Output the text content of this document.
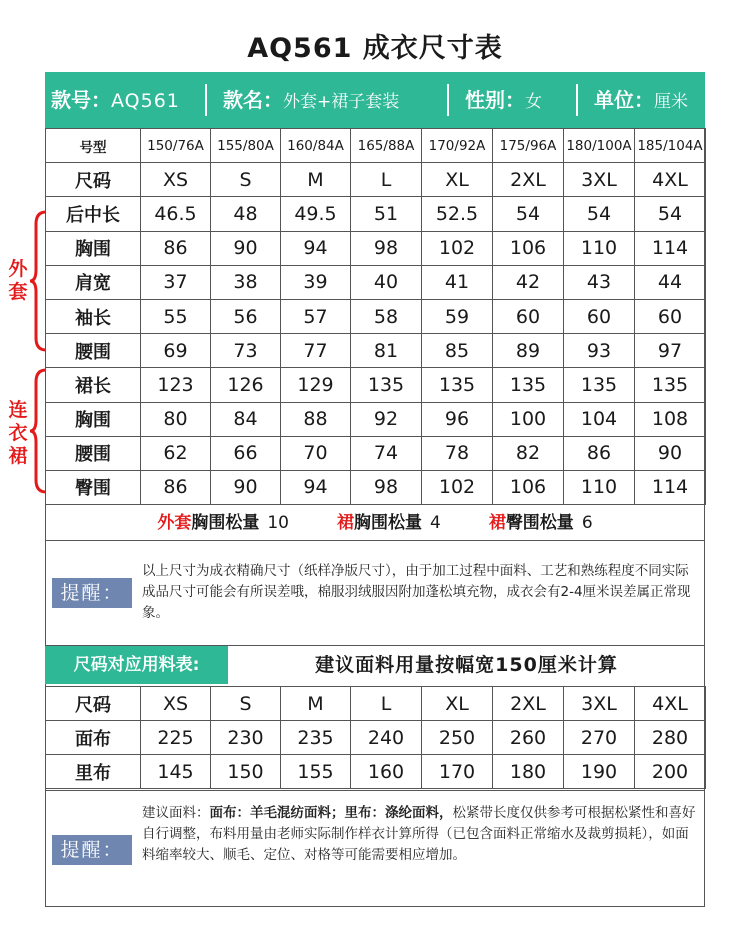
AQ561 成衣尺寸表
款号：AQ561 款名：外套+裙子套装	性别：女	单位：厘米
号型	150/76A	155/80A	160/84A	165/88A	170/92A	175/96A	180/100A	185/104A
尺码	XS	S	M	L	XL	2XL	3XL	4XL
后中长	46.5	48	49.5	51	52.5	54	54	54
胸围	86	90	94	98	102	106	110	114
肩宽	37	38	39	40	41	42	43	44
袖长	55	56	57	58	59	60	60	60
腰围	69	73	77	81	85	89	93	97
裙长	123	126	129	135	135	135	135	135
胸围	80	84	88	92	96	100	104	108
腰围	62	66	70	74	78	82	86	90
臀围	86	90	94	98	102	106	110	114
外
套
连
衣
裙
外套胸围松量 10	裙胸围松量 4	裙臀围松量 6
提醒：
以上尺寸为成衣精确尺寸（纸样净版尺寸），由于加工过程中面料、工艺和熟练程度不同实际成品尺寸可能会有所误差哦，棉服羽绒服因附加蓬松填充物，成衣会有2-4厘米误差属正常现象。
尺码对应用料表:	建议面料用量按幅宽150厘米计算
尺码	XS	S	M	L	XL	2XL	3XL	4XL
面布	225	230	235	240	250	260	270	280
里布	145	150	155	160	170	180	190	200
提醒：
建议面料：面布：羊毛混纺面料；里布：涤纶面料，松紧带长度仅供参考可根据松紧性和喜好自行调整，布料用量由老师实际制作样衣计算所得（已包含面料正常缩水及裁剪损耗），如面料缩率较大、顺毛、定位、对格等可能需要相应增加。
